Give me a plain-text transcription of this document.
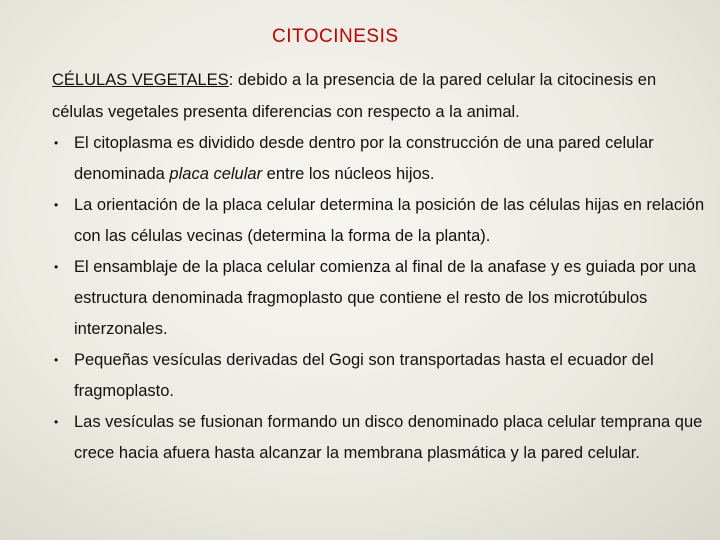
CITOCINESIS

CÉLULAS VEGETALES: debido a la presencia de la pared celular la citocinesis en células vegetales presenta diferencias con respecto a la animal.

• El citoplasma es dividido desde dentro por la construcción de una pared celular denominada placa celular entre los núcleos hijos.
• La orientación de la placa celular determina la posición de las células hijas en relación con las células vecinas (determina la forma de la planta).
• El ensamblaje de la placa celular comienza al final de la anafase y es guiada por una estructura denominada fragmoplasto que contiene el resto de los microtúbulos interzonales.
• Pequeñas vesículas derivadas del Gogi son transportadas hasta el ecuador del fragmoplasto.
• Las vesículas se fusionan formando un disco denominado placa celular temprana que crece hacia afuera hasta alcanzar la membrana plasmática y la pared celular.
